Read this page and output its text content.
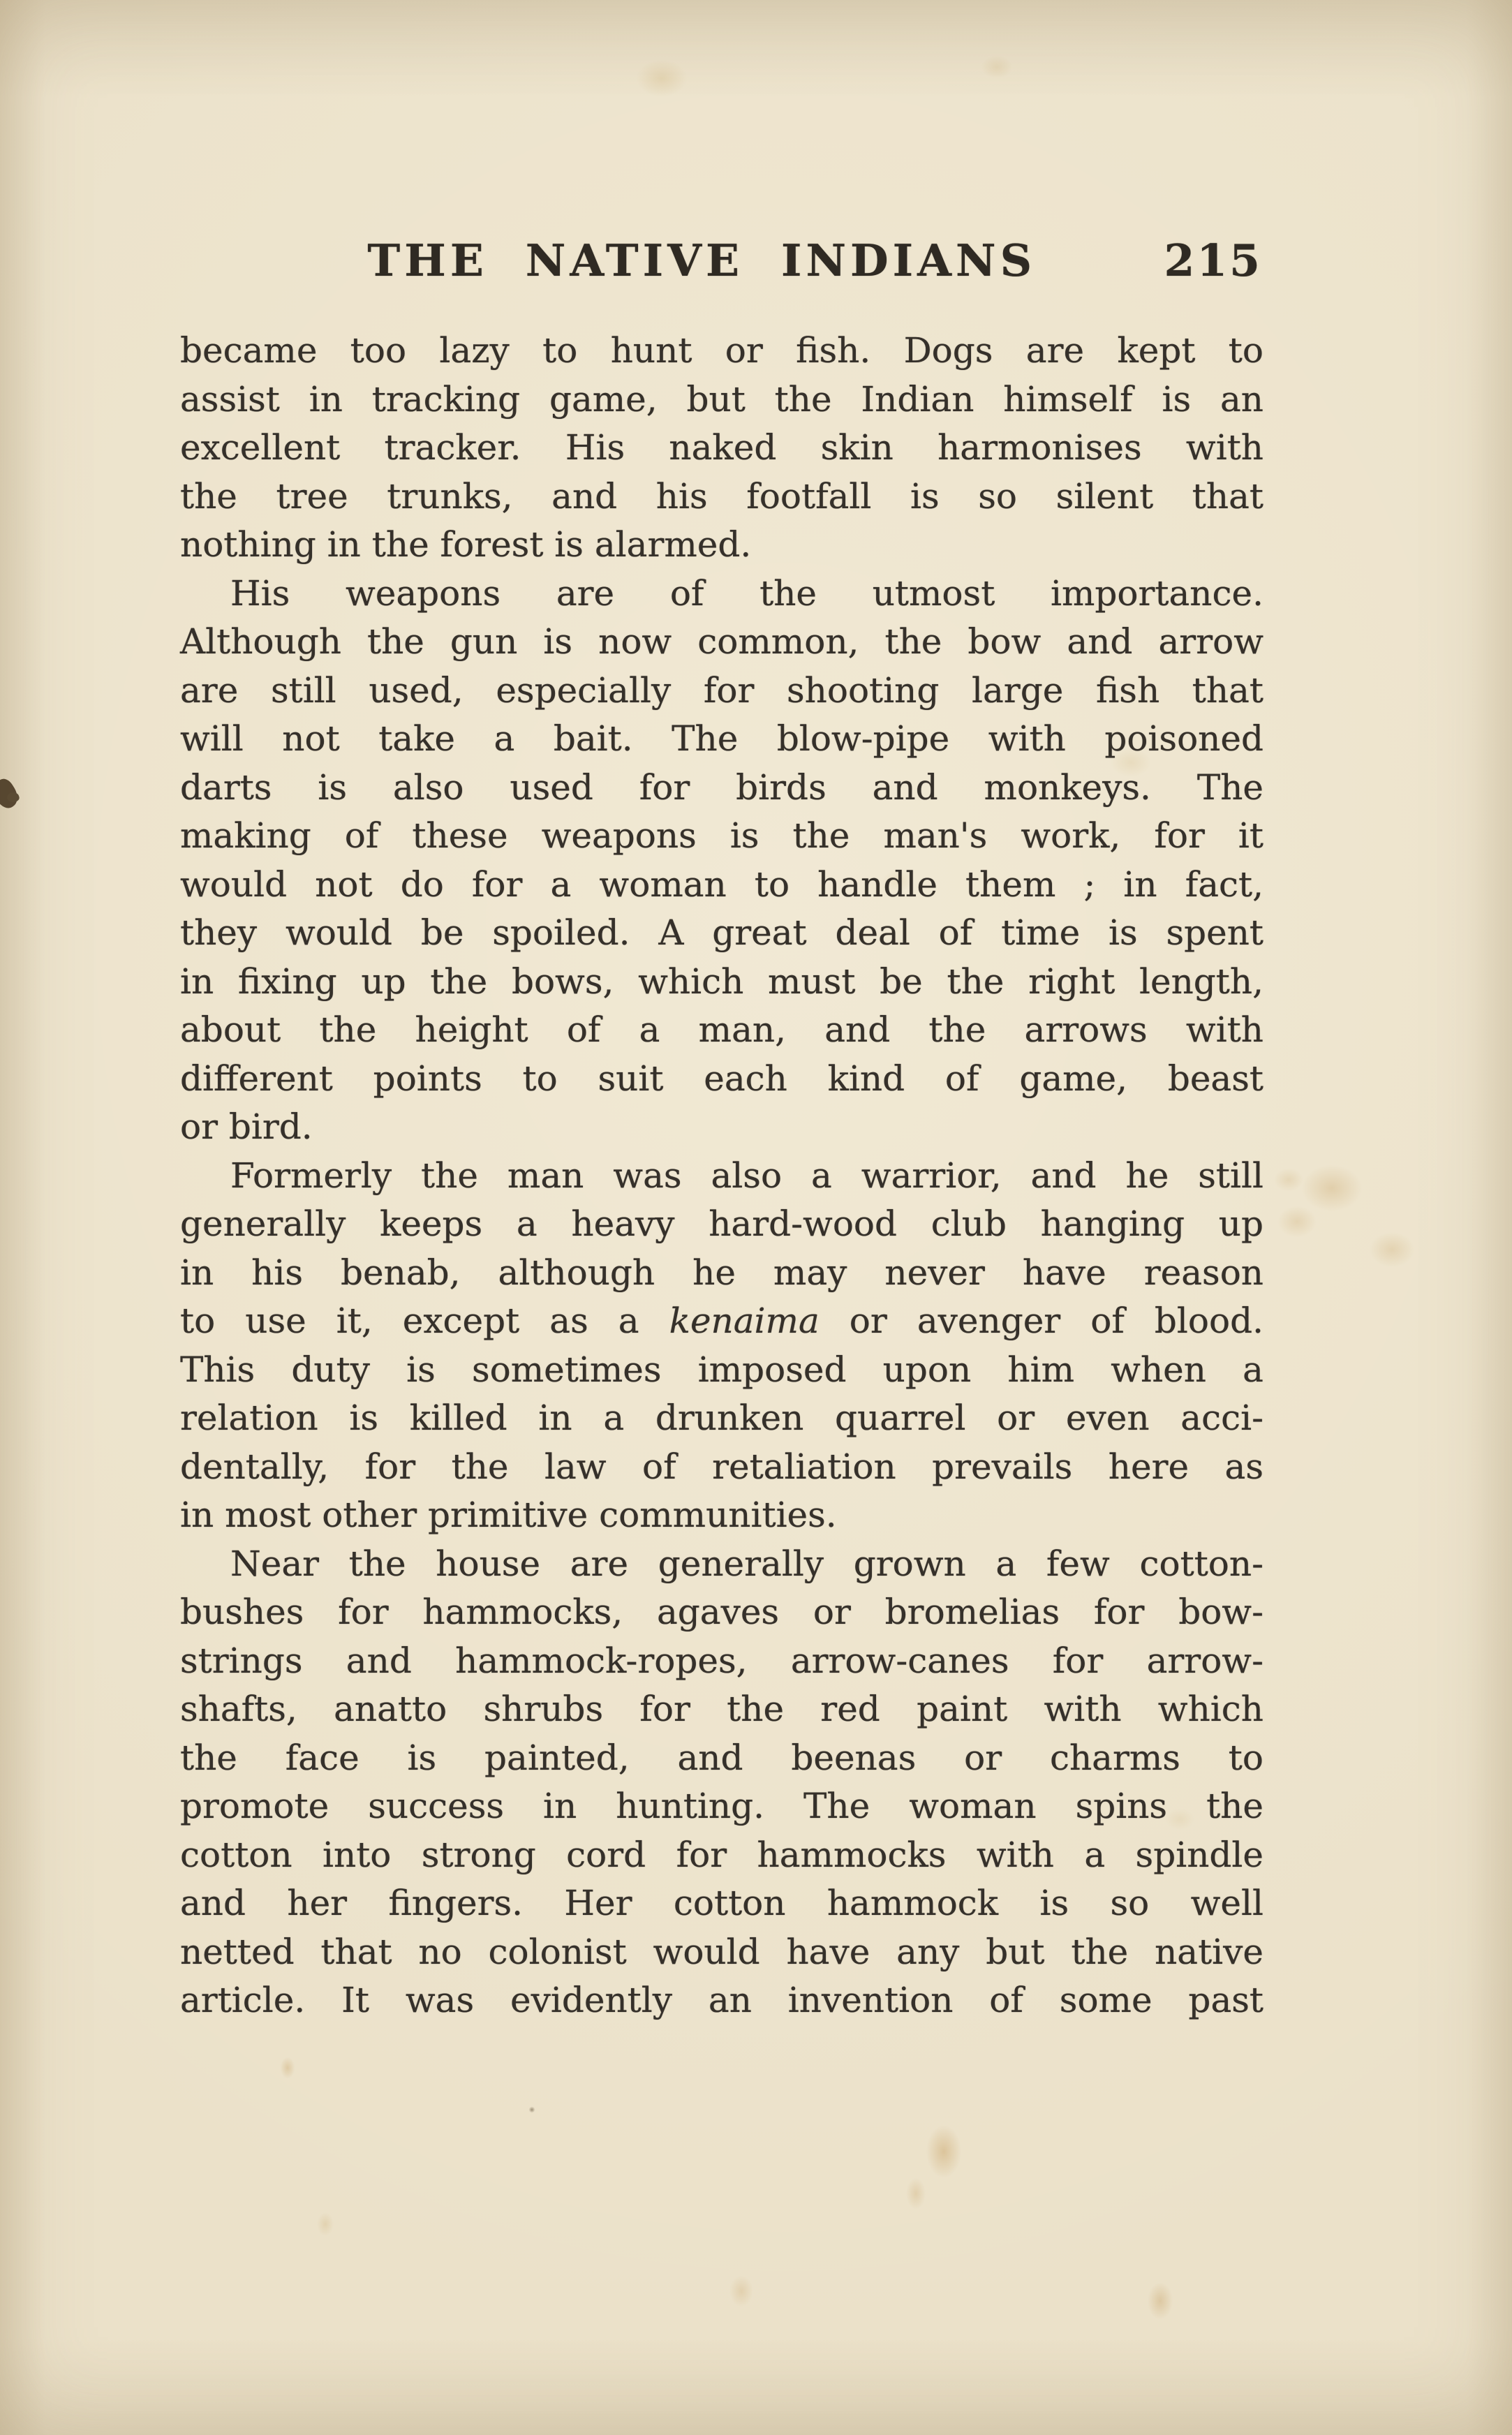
THE NATIVE INDIANS	215
became too lazy to hunt or fish. Dogs are kept to
assist in tracking game, but the Indian himself is an
excellent tracker. His naked skin harmonises with
the tree trunks, and his footfall is so silent that
nothing in the forest is alarmed.
His weapons are of the utmost importance.
Although the gun is now common, the bow and arrow
are still used, especially for shooting large fish that
will not take a bait. The blow-pipe with poisoned
darts is also used for birds and monkeys. The
making of these weapons is the man's work, for it
would not do for a woman to handle them ; in fact,
they would be spoiled. A great deal of time is spent
in fixing up the bows, which must be the right length,
about the height of a man, and the arrows with
different points to suit each kind of game, beast
or bird.
Formerly the man was also a warrior, and he still
generally keeps a heavy hard-wood club hanging up
in his benab, although he may never have reason
to use it, except as a kenaima or avenger of blood.
This duty is sometimes imposed upon him when a
relation is killed in a drunken quarrel or even acci-
dentally, for the law of retaliation prevails here as
in most other primitive communities.
Near the house are generally grown a few cotton-
bushes for hammocks, agaves or bromelias for bow-
strings and hammock-ropes, arrow-canes for arrow-
shafts, anatto shrubs for the red paint with which
the face is painted, and beenas or charms to
promote success in hunting. The woman spins the
cotton into strong cord for hammocks with a spindle
and her fingers. Her cotton hammock is so well
netted that no colonist would have any but the native
article. It was evidently an invention of some past
